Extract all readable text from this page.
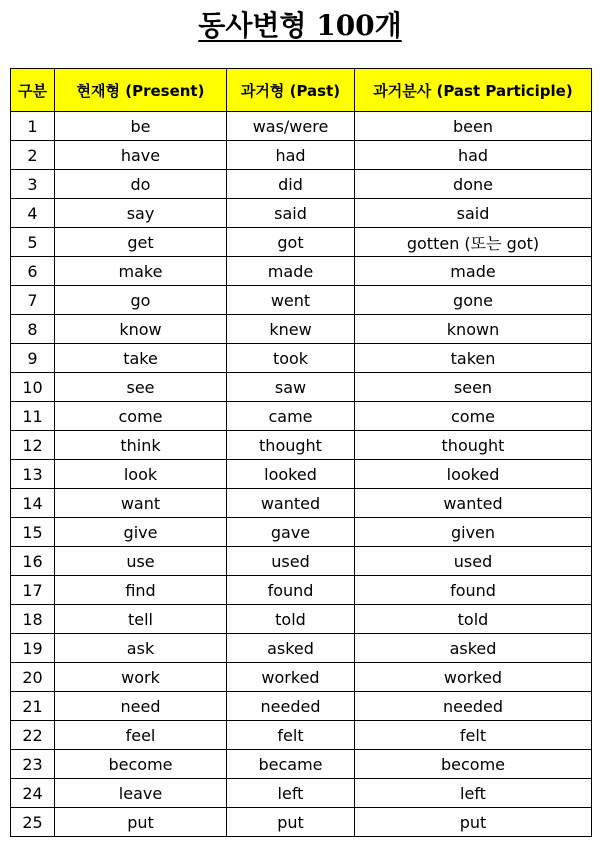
동사변형 100개
구분	현재형 (Present)	과거형 (Past)	과거분사 (Past Participle)
1	be	was/were	been
2	have	had	had
3	do	did	done
4	say	said	said
5	get	got	gotten (또는 got)
6	make	made	made
7	go	went	gone
8	know	knew	known
9	take	took	taken
10	see	saw	seen
11	come	came	come
12	think	thought	thought
13	look	looked	looked
14	want	wanted	wanted
15	give	gave	given
16	use	used	used
17	find	found	found
18	tell	told	told
19	ask	asked	asked
20	work	worked	worked
21	need	needed	needed
22	feel	felt	felt
23	become	became	become
24	leave	left	left
25	put	put	put
